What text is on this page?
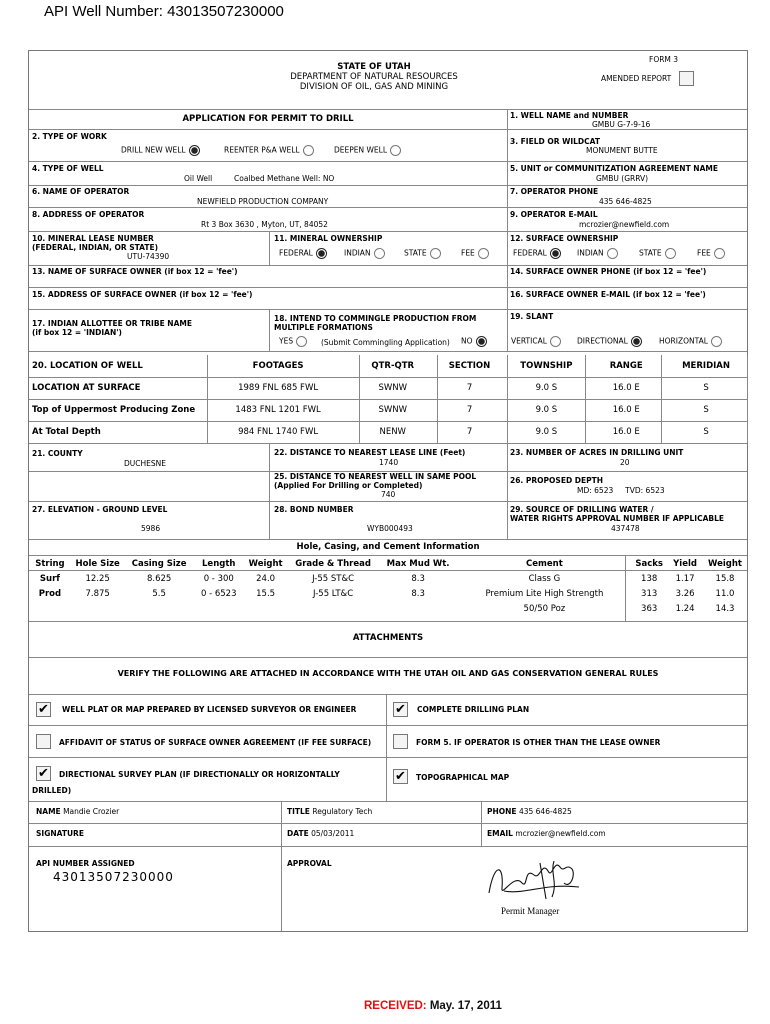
API Well Number: 43013507230000
FORM 3
STATE OF UTAH
DEPARTMENT OF NATURAL RESOURCES
DIVISION OF OIL, GAS AND MINING
AMENDED REPORT
APPLICATION FOR PERMIT TO DRILL	1. WELL NAME and NUMBER
GMBU G-7-9-16
2. TYPE OF WORK
DRILL NEW WELL	REENTER P&A WELL	DEEPEN WELL
3. FIELD OR WILDCAT
MONUMENT BUTTE
4. TYPE OF WELL
Oil Well	Coalbed Methane Well: NO
5. UNIT or COMMUNITIZATION AGREEMENT NAME
GMBU (GRRV)
6. NAME OF OPERATOR
NEWFIELD PRODUCTION COMPANY
7. OPERATOR PHONE
435 646-4825
8. ADDRESS OF OPERATOR
Rt 3 Box 3630 , Myton, UT, 84052
9. OPERATOR E-MAIL
mcrozier@newfield.com
10. MINERAL LEASE NUMBER
(FEDERAL, INDIAN, OR STATE)
UTU-74390
11. MINERAL OWNERSHIP
FEDERAL	INDIAN	STATE	FEE
12. SURFACE OWNERSHIP
FEDERAL	INDIAN	STATE	FEE
13. NAME OF SURFACE OWNER (if box 12 = 'fee')	14. SURFACE OWNER PHONE (if box 12 = 'fee')
15. ADDRESS OF SURFACE OWNER (if box 12 = 'fee')	16. SURFACE OWNER E-MAIL (if box 12 = 'fee')
17. INDIAN ALLOTTEE OR TRIBE NAME
(if box 12 = 'INDIAN')
18. INTEND TO COMMINGLE PRODUCTION FROM
MULTIPLE FORMATIONS
YES	(Submit Commingling Application) NO
19. SLANT
VERTICAL	DIRECTIONAL	HORIZONTAL
20. LOCATION OF WELL	FOOTAGES	QTR-QTR	SECTION	TOWNSHIP	RANGE	MERIDIAN
LOCATION AT SURFACE	1989 FNL 685 FWL	SWNW	7	9.0 S	16.0 E	S
Top of Uppermost Producing Zone	1483 FNL 1201 FWL	SWNW	7	9.0 S	16.0 E	S
At Total Depth	984 FNL 1740 FWL	NENW	7	9.0 S	16.0 E	S
21. COUNTY
DUCHESNE
22. DISTANCE TO NEAREST LEASE LINE (Feet)
1740
23. NUMBER OF ACRES IN DRILLING UNIT
20
25. DISTANCE TO NEAREST WELL IN SAME POOL
(Applied For Drilling or Completed)
740
26. PROPOSED DEPTH
MD: 6523     TVD: 6523
27. ELEVATION - GROUND LEVEL
5986
28. BOND NUMBER
WYB000493
29. SOURCE OF DRILLING WATER /
WATER RIGHTS APPROVAL NUMBER IF APPLICABLE
437478
Hole, Casing, and Cement Information
String	Hole Size	Casing Size	Length	Weight	Grade & Thread	Max Mud Wt.	Cement	Sacks	Yield	Weight
Surf	12.25	8.625	0 - 300	24.0	J-55 ST&C	8.3	Class G	138	1.17	15.8
Prod	7.875	5.5	0 - 6523	15.5	J-55 LT&C	8.3	Premium Lite High Strength	313	3.26	11.0
							50/50 Poz	363	1.24	14.3
ATTACHMENTS
VERIFY THE FOLLOWING ARE ATTACHED IN ACCORDANCE WITH THE UTAH OIL AND GAS CONSERVATION GENERAL RULES
✔ WELL PLAT OR MAP PREPARED BY LICENSED SURVEYOR OR ENGINEER	✔ COMPLETE DRILLING PLAN
AFFIDAVIT OF STATUS OF SURFACE OWNER AGREEMENT (IF FEE SURFACE)	FORM 5. IF OPERATOR IS OTHER THAN THE LEASE OWNER
✔ DIRECTIONAL SURVEY PLAN (IF DIRECTIONALLY OR HORIZONTALLY
DRILLED)
✔ TOPOGRAPHICAL MAP
NAME Mandie Crozier	TITLE Regulatory Tech	PHONE 435 646-4825
SIGNATURE	DATE 05/03/2011	EMAIL mcrozier@newfield.com
API NUMBER ASSIGNED
43013507230000
APPROVAL
Permit Manager
RECEIVED: May. 17, 2011
